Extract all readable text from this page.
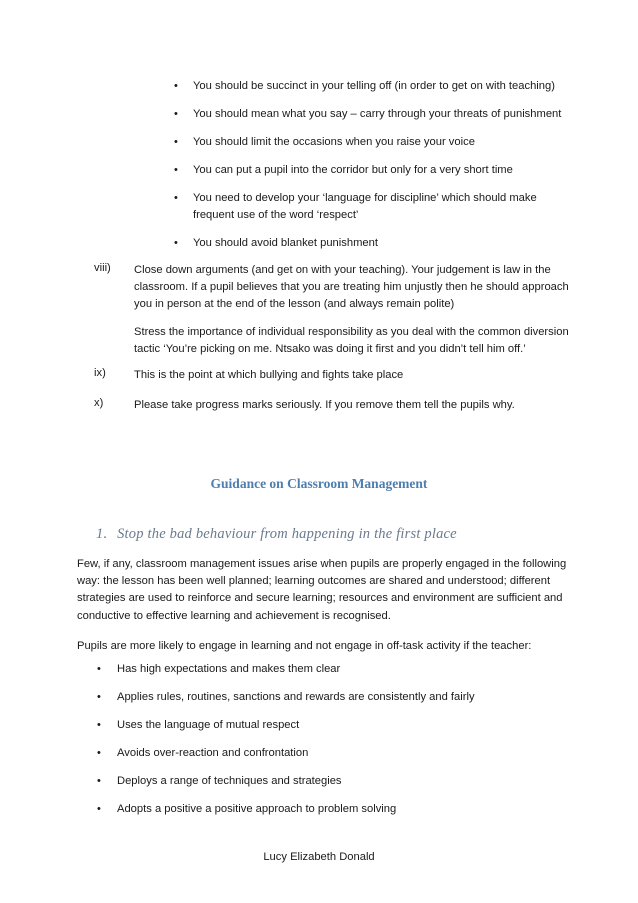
• You should be succinct in your telling off (in order to get on with teaching)
• You should mean what you say – carry through your threats of punishment
• You should limit the occasions when you raise your voice
• You can put a pupil into the corridor but only for a very short time
• You need to develop your ‘language for discipline’ which should make frequent use of the word ‘respect’
• You should avoid blanket punishment
viii)	Close down arguments (and get on with your teaching). Your judgement is law in the classroom. If a pupil believes that you are treating him unjustly then he should approach you in person at the end of the lesson (and always remain polite)

Stress the importance of individual responsibility as you deal with the common diversion tactic ‘You’re picking on me. Ntsako was doing it first and you didn’t tell him off.’

ix)	This is the point at which bullying and fights take place
x)	Please take progress marks seriously. If you remove them tell the pupils why.
Guidance on Classroom Management
1. Stop the bad behaviour from happening in the first place

Few, if any, classroom management issues arise when pupils are properly engaged in the following way: the lesson has been well planned; learning outcomes are shared and understood; different strategies are used to reinforce and secure learning; resources and environment are sufficient and conductive to effective learning and achievement is recognised.

Pupils are more likely to engage in learning and not engage in off-task activity if the teacher:

• Has high expectations and makes them clear
• Applies rules, routines, sanctions and rewards are consistently and fairly
• Uses the language of mutual respect
• Avoids over-reaction and confrontation
• Deploys a range of techniques and strategies
• Adopts a positive a positive approach to problem solving
Lucy Elizabeth Donald
